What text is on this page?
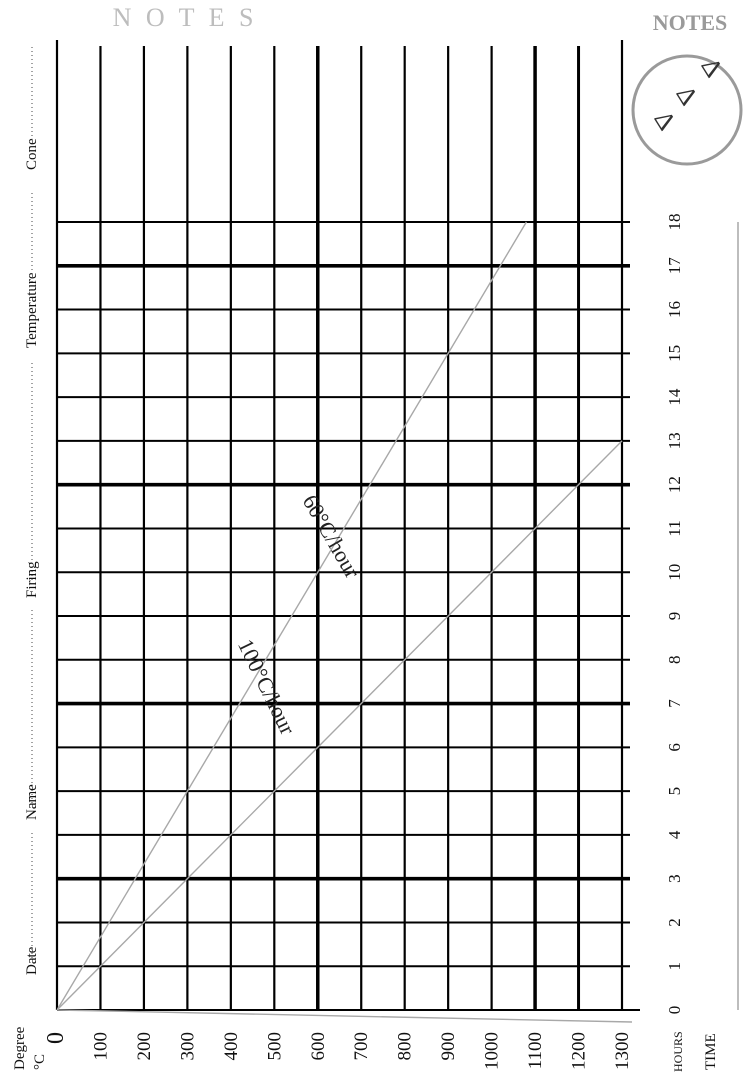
100°C/hour
60°C/hour
0 100 200 300 400 500 600 700 800 900 1000 1100 1200 1300
0
1
2
3
4
5
6
7
8
9
10
11
12
13
14
15
16
17
18
Degree °C	HOURS TIME
Date
Name
Firing
Temperature
Cone
N O T E S	NOTES
Δ
Δ
Δ
